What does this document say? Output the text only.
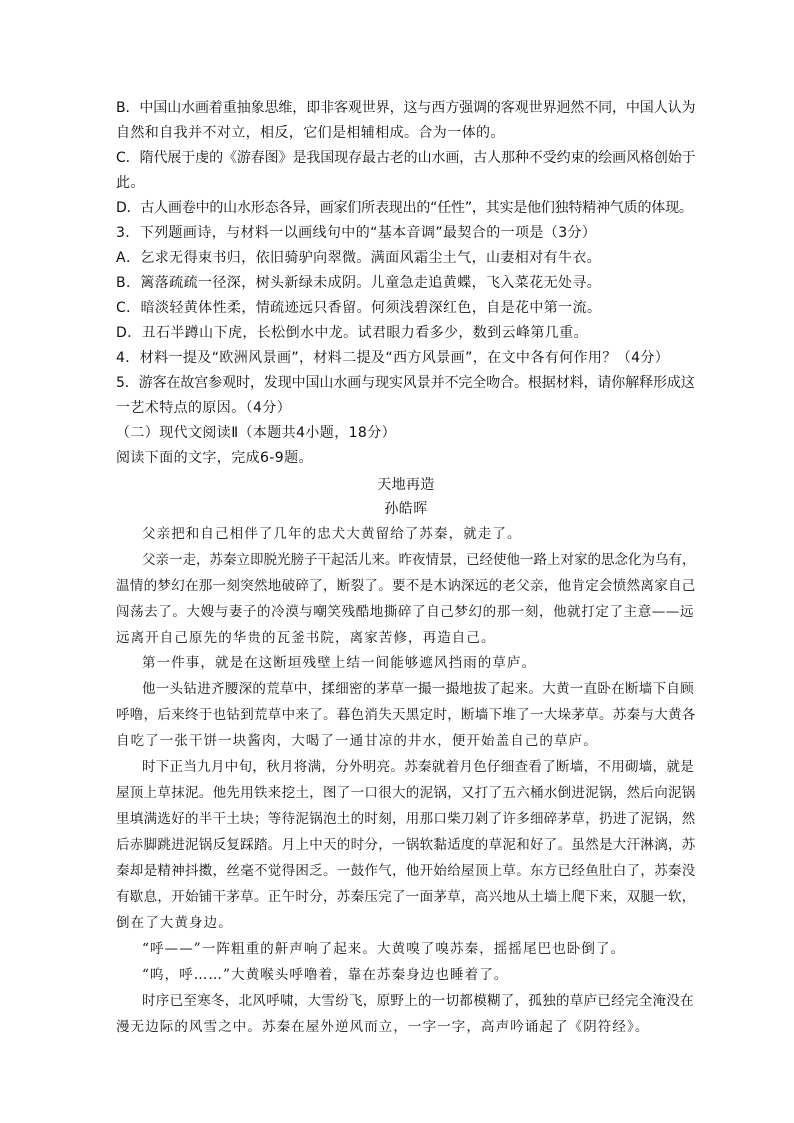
B．中国山水画着重抽象思维，即非客观世界，这与西方强调的客观世界迥然不同，中国人认为
自然和自我并不对立，相反，它们是相辅相成。合为一体的。
C．隋代展于虔的《游春图》是我国现存最古老的山水画，古人那种不受约束的绘画风格创始于
此。
D．古人画卷中的山水形态各异，画家们所表现出的“任性”，其实是他们独特精神气质的体现。
3．下列题画诗，与材料一以画线句中的“基本音调”最契合的一项是（3分）
A．乞求无得束书归，依旧骑驴向翠微。满面风霜尘土气，山妻相对有牛衣。
B．篱落疏疏一径深，树头新绿未成阴。儿童急走追黄蝶，飞入菜花无处寻。
C．暗淡轻黄体性柔，情疏迹远只香留。何须浅碧深红色，自是花中第一流。
D．丑石半蹲山下虎，长松倒水中龙。试君眼力看多少，数到云峰第几重。
4．材料一提及“欧洲风景画”，材料二提及“西方风景画”，在文中各有何作用？（4分）
5．游客在故宫参观时，发现中国山水画与现实风景并不完全吻合。根据材料，请你解释形成这
一艺术特点的原因。（4分）
（二）现代文阅读Ⅱ（本题共4小题，18分）
阅读下面的文字，完成6-9题。
天地再造
孙皓晖
父亲把和自己相伴了几年的忠犬大黄留给了苏秦，就走了。
父亲一走，苏秦立即脱光膀子干起活儿来。昨夜情景，已经使他一路上对家的思念化为乌有，
温情的梦幻在那一刻突然地破碎了，断裂了。要不是木讷深远的老父亲，他肯定会愤然离家自己
闯荡去了。大嫂与妻子的冷漠与嘲笑残酷地撕碎了自己梦幻的那一刻，他就打定了主意——远
远离开自己原先的华贵的瓦釜书院，离家苦修，再造自己。
第一件事，就是在这断垣残壁上结一间能够遮风挡雨的草庐。
他一头钻进齐腰深的荒草中，揉细密的茅草一撮一撮地拔了起来。大黄一直卧在断墙下自顾
呼噜，后来终于也钻到荒草中来了。暮色消失天黑定时，断墙下堆了一大垛茅草。苏秦与大黄各
自吃了一张干饼一块酱肉，大喝了一通甘凉的井水，便开始盖自己的草庐。
时下正当九月中旬，秋月将满，分外明亮。苏秦就着月色仔细查看了断墙，不用砌墙，就是
屋顶上草抹泥。他先用铁来挖土，图了一口很大的泥锅，又打了五六桶水倒进泥锅，然后向泥锅
里填满选好的半干土块；等待泥锅泡土的时刻，用那口柴刀剁了许多细碎茅草，扔进了泥锅，然
后赤脚跳进泥锅反复踩踏。月上中天的时分，一锅软黏适度的草泥和好了。虽然是大汗淋漓，苏
秦却是精神抖擞，丝毫不觉得困乏。一鼓作气，他开始给屋顶上草。东方已经鱼肚白了，苏秦没
有歇息，开始铺干茅草。正午时分，苏秦压完了一面茅草，高兴地从土墙上爬下来，双腿一软，
倒在了大黄身边。
“呼——”一阵粗重的鼾声响了起来。大黄嗅了嗅苏秦，摇摇尾巴也卧倒了。
“呜，呼……”大黄喉头呼噜着，靠在苏秦身边也睡着了。
时序已至寒冬，北风呼啸，大雪纷飞，原野上的一切都模糊了，孤独的草庐已经完全淹没在
漫无边际的风雪之中。苏秦在屋外逆风而立，一字一字，高声吟诵起了《阴符经》。
